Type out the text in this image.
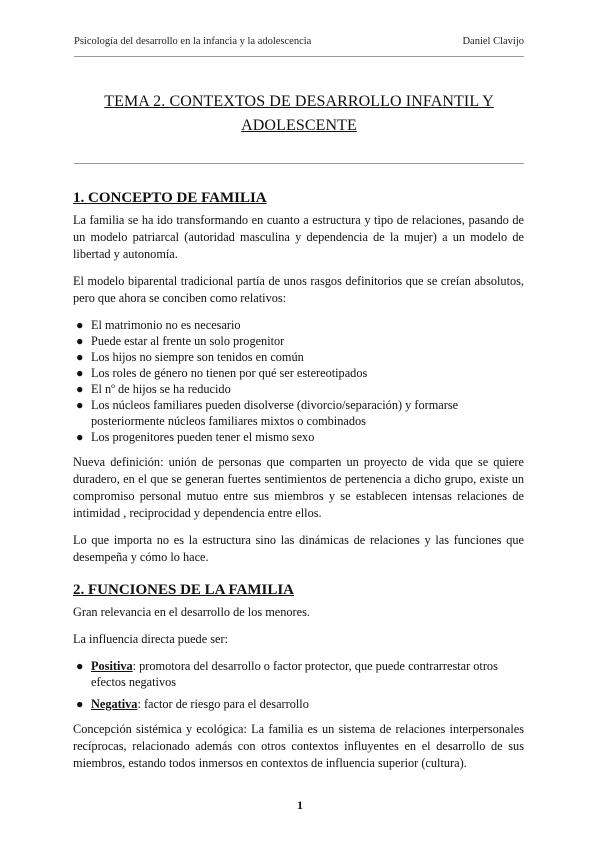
Psicología del desarrollo en la infancia y la adolescencia	Daniel Clavijo
TEMA 2. CONTEXTOS DE DESARROLLO INFANTIL Y ADOLESCENTE
1. CONCEPTO DE FAMILIA

La familia se ha ido transformando en cuanto a estructura y tipo de relaciones, pasando de un modelo patriarcal (autoridad masculina y dependencia de la mujer) a un modelo de libertad y autonomía.

El modelo biparental tradicional partía de unos rasgos definitorios que se creían absolutos, pero que ahora se conciben como relativos:

● El matrimonio no es necesario
● Puede estar al frente un solo progenitor
● Los hijos no siempre son tenidos en común
● Los roles de género no tienen por qué ser estereotipados
● El nº de hijos se ha reducido
● Los núcleos familiares pueden disolverse (divorcio/separación) y formarse posteriormente núcleos familiares mixtos o combinados
● Los progenitores pueden tener el mismo sexo

Nueva definición: unión de personas que comparten un proyecto de vida que se quiere duradero, en el que se generan fuertes sentimientos de pertenencia a dicho grupo, existe un compromiso personal mutuo entre sus miembros y se establecen intensas relaciones de intimidad , reciprocidad y dependencia entre ellos.

Lo que importa no es la estructura sino las dinámicas de relaciones y las funciones que desempeña y cómo lo hace.

2. FUNCIONES DE LA FAMILIA

Gran relevancia en el desarrollo de los menores.

La influencia directa puede ser:

● Positiva: promotora del desarrollo o factor protector, que puede contrarrestar otros efectos negativos
● Negativa: factor de riesgo para el desarrollo

Concepción sistémica y ecológica: La familia es un sistema de relaciones interpersonales recíprocas, relacionado además con otros contextos influyentes en el desarrollo de sus miembros, estando todos inmersos en contextos de influencia superior (cultura).

1
